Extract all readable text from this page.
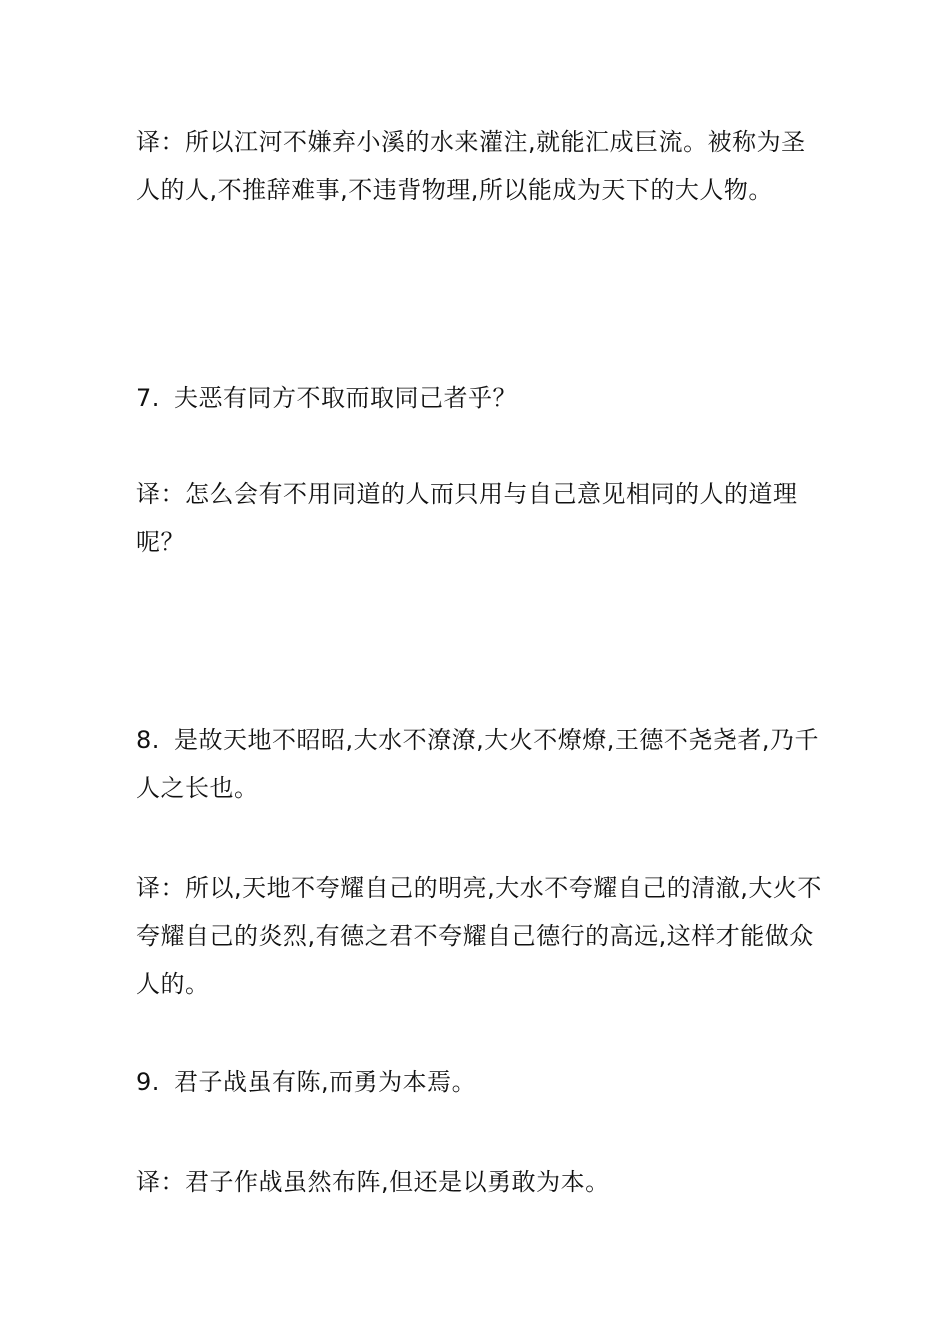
译：所以江河不嫌弃小溪的水来灌注,就能汇成巨流。被称为圣人的人,不推辞难事,不违背物理,所以能成为天下的大人物。

7. 夫恶有同方不取而取同己者乎？

译：怎么会有不用同道的人而只用与自己意见相同的人的道理呢？

8. 是故天地不昭昭,大水不潦潦,大火不燎燎,王德不尧尧者,乃千人之长也。

译：所以,天地不夸耀自己的明亮,大水不夸耀自己的清澈,大火不夸耀自己的炎烈,有德之君不夸耀自己德行的高远,这样才能做众人的。

9. 君子战虽有陈,而勇为本焉。

译：君子作战虽然布阵,但还是以勇敢为本。
